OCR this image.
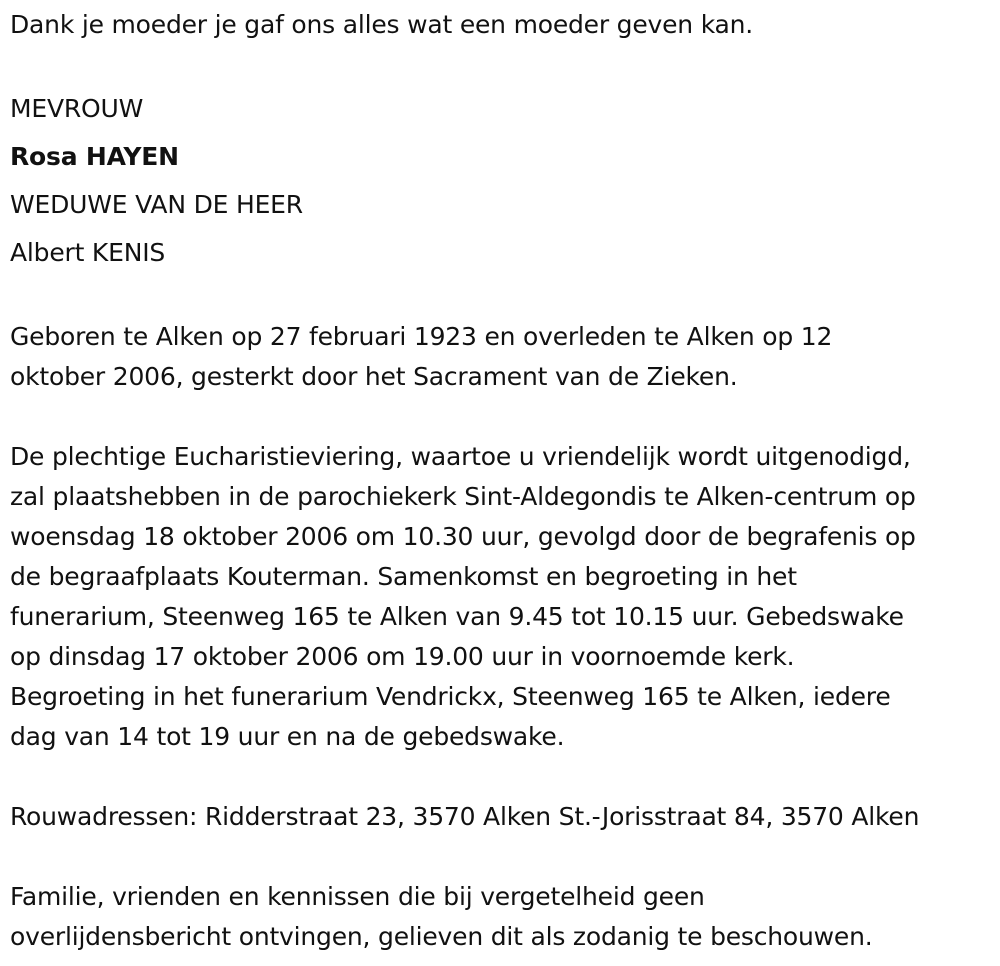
Dank je moeder je gaf ons alles wat een moeder geven kan.

MEVROUW

Rosa HAYEN

WEDUWE VAN DE HEER

Albert KENIS

Geboren te Alken op 27 februari 1923 en overleden te Alken op 12

oktober 2006, gesterkt door het Sacrament van de Zieken.

De plechtige Eucharistieviering, waartoe u vriendelijk wordt uitgenodigd,

zal plaatshebben in de parochiekerk Sint-Aldegondis te Alken-centrum op

woensdag 18 oktober 2006 om 10.30 uur, gevolgd door de begrafenis op

de begraafplaats Kouterman. Samenkomst en begroeting in het

funerarium, Steenweg 165 te Alken van 9.45 tot 10.15 uur. Gebedswake

op dinsdag 17 oktober 2006 om 19.00 uur in voornoemde kerk.

Begroeting in het funerarium Vendrickx, Steenweg 165 te Alken, iedere

dag van 14 tot 19 uur en na de gebedswake.

Rouwadressen: Ridderstraat 23, 3570 Alken St.-Jorisstraat 84, 3570 Alken

Familie, vrienden en kennissen die bij vergetelheid geen

overlijdensbericht ontvingen, gelieven dit als zodanig te beschouwen.
